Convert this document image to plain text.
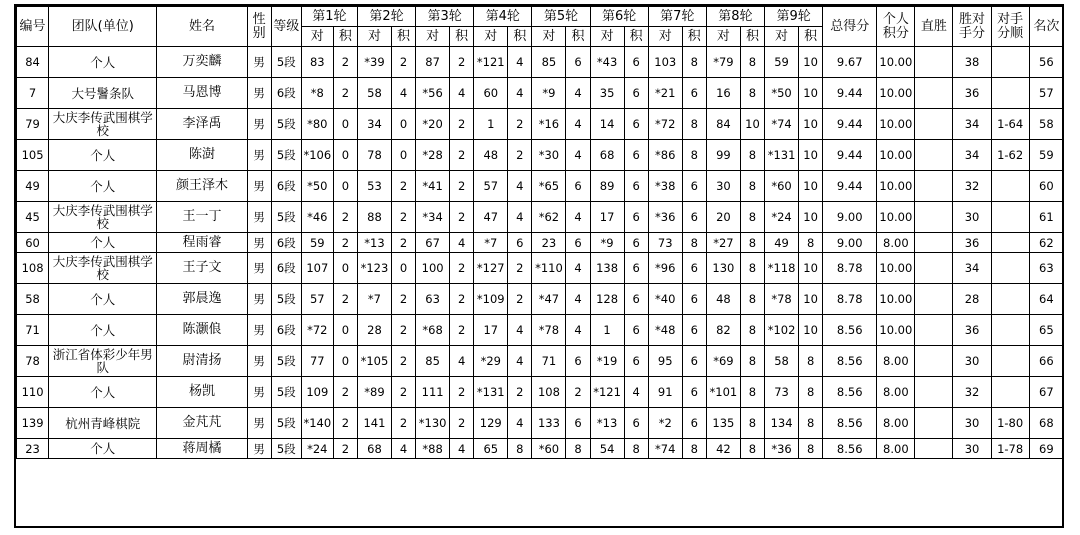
编号	团队(单位)	姓名	性别	等级	第1轮		第2轮		第3轮		第4轮		第5轮		第6轮		第7轮		第8轮		第9轮		总得分	个人积分	直胜	胜对手分	对手分顺	名次
					对	积	对	积	对	积	对	积	对	积	对	积	对	积	对	积	对	积						
84	个人	万奕麟	男	5段	83	2	*39	2	87	2	*121	4	85	6	*43	6	103	8	*79	8	59	10	9.67	10.00		38		56
7	大号鬐条队	马恩博	男	6段	*8	2	58	4	*56	4	60	4	*9	4	35	6	*21	6	16	8	*50	10	9.44	10.00		36		57
79	大庆李传武围棋学校	李泽禹	男	5段	*80	0	34	0	*20	2	1	2	*16	4	14	6	*72	8	84	10	*74	10	9.44	10.00		34	1-64	58
105	个人	陈澍	男	5段	*106	0	78	0	*28	2	48	2	*30	4	68	6	*86	8	99	8	*131	10	9.44	10.00		34	1-62	59
49	个人	颜王泽木	男	6段	*50	0	53	2	*41	2	57	4	*65	6	89	6	*38	6	30	8	*60	10	9.44	10.00		32		60
45	大庆李传武围棋学校	王一丁	男	5段	*46	2	88	2	*34	2	47	4	*62	4	17	6	*36	6	20	8	*24	10	9.00	10.00		30		61
60	个人	程雨睿	男	6段	59	2	*13	2	67	4	*7	6	23	6	*9	6	73	8	*27	8	49	8	9.00	8.00		36		62
108	大庆李传武围棋学校	王子文	男	6段	107	0	*123	0	100	2	*127	2	*110	4	138	6	*96	6	130	8	*118	10	8.78	10.00		34		63
58	个人	郭晨逸	男	5段	57	2	*7	2	63	2	*109	2	*47	4	128	6	*40	6	48	8	*78	10	8.78	10.00		28		64
71	个人	陈灏俍	男	6段	*72	0	28	2	*68	2	17	4	*78	4	1	6	*48	6	82	8	*102	10	8.56	10.00		36		65
78	浙江省体彩少年男队	尉清扬	男	5段	77	0	*105	2	85	4	*29	4	71	6	*19	6	95	6	*69	8	58	8	8.56	8.00		30		66
110	个人	杨凯	男	5段	109	2	*89	2	111	2	*131	2	108	2	*121	4	91	6	*101	8	73	8	8.56	8.00		32		67
139	杭州青峰棋院	金芃芃	男	5段	*140	2	141	2	*130	2	129	4	133	6	*13	6	*2	6	135	8	134	8	8.56	8.00		30	1-80	68
23	个人	蒋周橘	男	5段	*24	2	68	4	*88	4	65	8	*60	8	54	8	*74	8	42	8	*36	8	8.56	8.00		30	1-78	69
